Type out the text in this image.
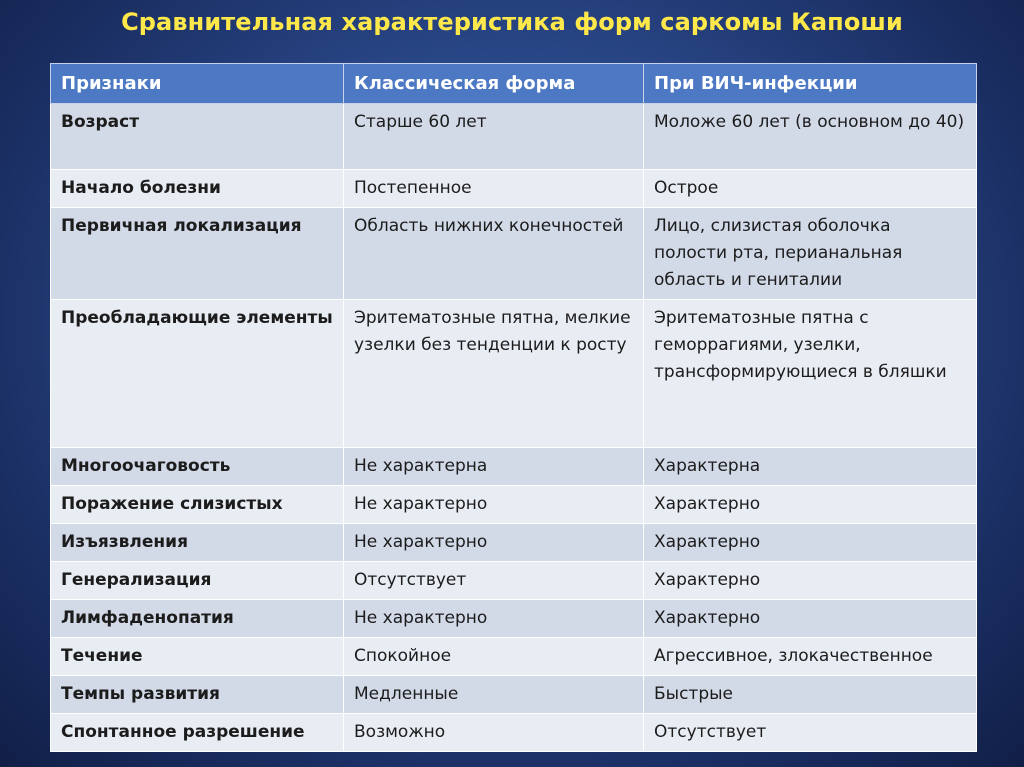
Сравнительная характеристика форм саркомы Капоши
Признаки	Классическая форма	При ВИЧ-инфекции
Возраст	Старше 60 лет	Моложе 60 лет (в основном до 40)
Начало болезни	Постепенное	Острое
Первичная локализация	Область нижних конечностей	Лицо, слизистая оболочка полости рта, перианальная область и гениталии
Преобладающие элементы	Эритематозные пятна, мелкие узелки без тенденции к росту	Эритематозные пятна с геморрагиями, узелки, трансформирующиеся в бляшки
Многоочаговость	Не характерна	Характерна
Поражение слизистых	Не характерно	Характерно
Изъязвления	Не характерно	Характерно
Генерализация	Отсутствует	Характерно
Лимфаденопатия	Не характерно	Характерно
Течение	Спокойное	Агрессивное, злокачественное
Темпы развития	Медленные	Быстрые
Спонтанное разрешение	Возможно	Отсутствует
